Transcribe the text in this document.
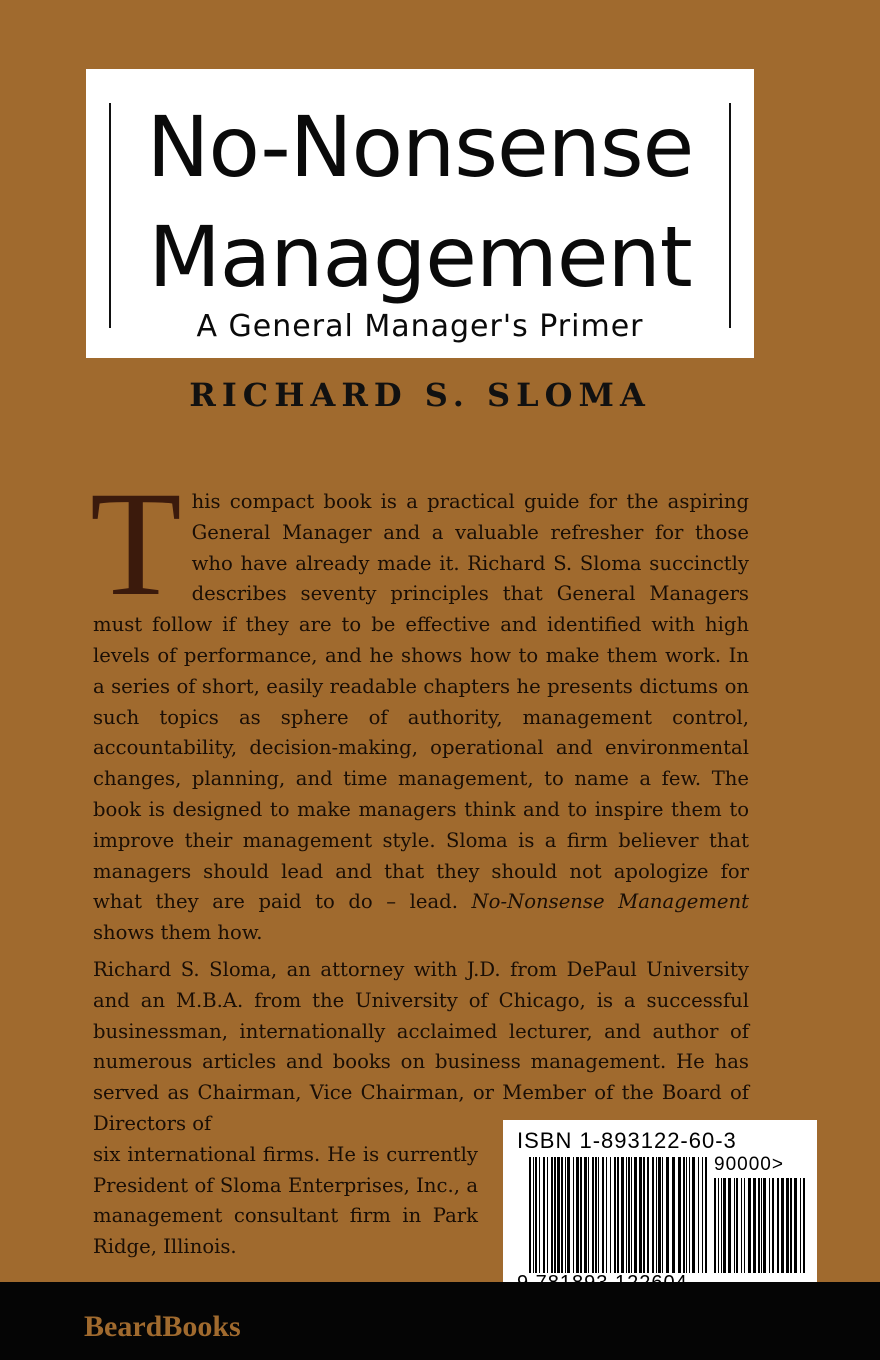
No-Nonsense
Management
A General Manager's Primer
RICHARD S. SLOMA
This compact book is a practical guide for the aspiring General Manager and a valuable refresher for those who have already made it. Richard S. Sloma succinctly describes seventy principles that General Managers must follow if they are to be effective and identified with high levels of performance, and he shows how to make them work. In a series of short, easily readable chapters he presents dictums on such topics as sphere of authority, management control, accountability, decision-making, operational and environmental changes, planning, and time management, to name a few. The book is designed to make managers think and to inspire them to improve their management style. Sloma is a firm believer that managers should lead and that they should not apologize for what they are paid to do – lead. No-Nonsense Management shows them how.
Richard S. Sloma, an attorney with J.D. from DePaul University and an M.B.A. from the University of Chicago, is a successful businessman, internationally acclaimed lecturer, and author of numerous articles and books on business management. He has served as Chairman, Vice Chairman, or Member of the Board of Directors of
six international firms. He is currently President of Sloma Enterprises, Inc., a management consultant firm in Park Ridge, Illinois.
ISBN 1-893122-60-3
90000>
BeardBooks
